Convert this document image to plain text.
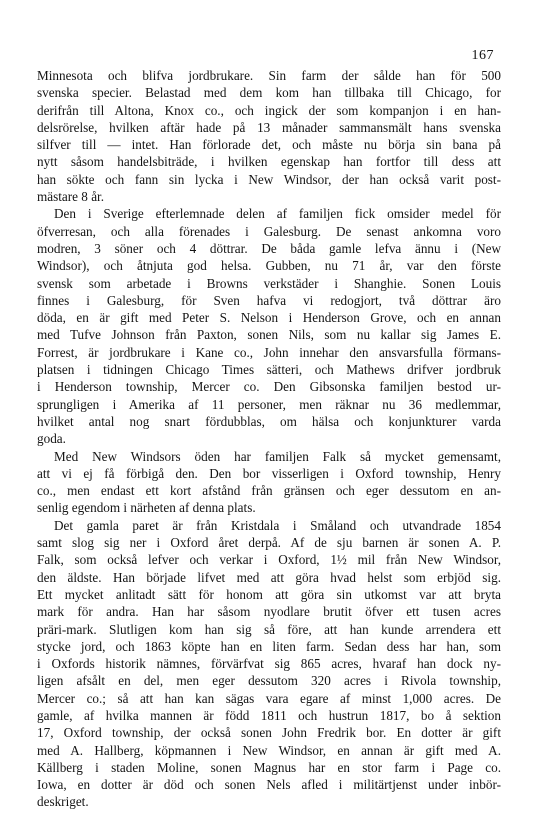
167
Minnesota och blifva jordbrukare. Sin farm der sålde han för 500
svenska specier. Belastad med dem kom han tillbaka till Chicago, for
derifrån till Altona, Knox co., och ingick der som kompanjon i en han-
delsrörelse, hvilken aftär hade på 13 månader sammansmält hans svenska
silfver till — intet. Han förlorade det, och måste nu börja sin bana på
nytt såsom handelsbiträde, i hvilken egenskap han fortfor till dess att
han sökte och fann sin lycka i New Windsor, der han också varit post-
mästare 8 år.
Den i Sverige efterlemnade delen af familjen fick omsider medel för
öfverresan, och alla förenades i Galesburg. De senast ankomna voro
modren, 3 söner och 4 döttrar. De båda gamle lefva ännu i (New
Windsor), och åtnjuta god helsa. Gubben, nu 71 år, var den förste
svensk som arbetade i Browns verkstäder i Shanghie. Sonen Louis
finnes i Galesburg, för Sven hafva vi redogjort, två döttrar äro
döda, en är gift med Peter S. Nelson i Henderson Grove, och en annan
med Tufve Johnson från Paxton, sonen Nils, som nu kallar sig James E.
Forrest, är jordbrukare i Kane co., John innehar den ansvarsfulla förmans-
platsen i tidningen Chicago Times sätteri, och Mathews drifver jordbruk
i Henderson township, Mercer co. Den Gibsonska familjen bestod ur-
sprungligen i Amerika af 11 personer, men räknar nu 36 medlemmar,
hvilket antal nog snart fördubblas, om hälsa och konjunkturer varda
goda.
Med New Windsors öden har familjen Falk så mycket gemensamt,
att vi ej få förbigå den. Den bor visserligen i Oxford township, Henry
co., men endast ett kort afstånd från gränsen och eger dessutom en an-
senlig egendom i närheten af denna plats.
Det gamla paret är från Kristdala i Småland och utvandrade 1854
samt slog sig ner i Oxford året derpå. Af de sju barnen är sonen A. P.
Falk, som också lefver och verkar i Oxford, 1½ mil från New Windsor,
den äldste. Han började lifvet med att göra hvad helst som erbjöd sig.
Ett mycket anlitadt sätt för honom att göra sin utkomst var att bryta
mark för andra. Han har såsom nyodlare brutit öfver ett tusen acres
präri-mark. Slutligen kom han sig så före, att han kunde arrendera ett
stycke jord, och 1863 köpte han en liten farm. Sedan dess har han, som
i Oxfords historik nämnes, förvärfvat sig 865 acres, hvaraf han dock ny-
ligen afsålt en del, men eger dessutom 320 acres i Rivola township,
Mercer co.; så att han kan sägas vara egare af minst 1,000 acres. De
gamle, af hvilka mannen är född 1811 och hustrun 1817, bo å sektion
17, Oxford township, der också sonen John Fredrik bor. En dotter är gift
med A. Hallberg, köpmannen i New Windsor, en annan är gift med A.
Källberg i staden Moline, sonen Magnus har en stor farm i Page co.
Iowa, en dotter är död och sonen Nels afled i militärtjenst under inbör-
deskriget.
